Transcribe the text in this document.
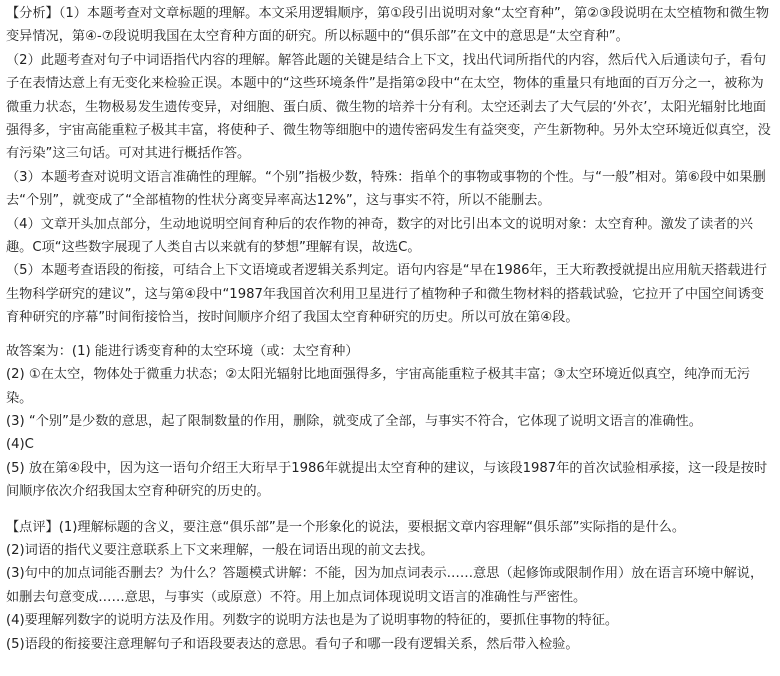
【分析】（1）本题考查对文章标题的理解。本文采用逻辑顺序，第①段引出说明对象“太空育种”，第②③段说明在太空植物和微生物变异情况，第④-⑦段说明我国在太空育种方面的研究。所以标题中的“俱乐部”在文中的意思是“太空育种”。

（2）此题考查对句子中词语指代内容的理解。解答此题的关键是结合上下文，找出代词所指代的内容，然后代入后通读句子，看句子在表情达意上有无变化来检验正误。本题中的“这些环境条件”是指第②段中“在太空，物体的重量只有地面的百万分之一，被称为微重力状态，生物极易发生遗传变异，对细胞、蛋白质、微生物的培养十分有利。太空还剥去了大气层的‘外衣’，太阳光辐射比地面强得多，宇宙高能重粒子极其丰富，将使种子、微生物等细胞中的遗传密码发生有益突变，产生新物种。另外太空环境近似真空，没有污染”这三句话。可对其进行概括作答。

（3）本题考查对说明文语言准确性的理解。“个别”指极少数，特殊：指单个的事物或事物的个性。与“一般”相对。第⑥段中如果删去“个别”，就变成了“全部植物的性状分离变异率高达12%”，这与事实不符，所以不能删去。

（4）文章开头加点部分，生动地说明空间育种后的农作物的神奇，数字的对比引出本文的说明对象：太空育种。激发了读者的兴趣。C项“这些数字展现了人类自古以来就有的梦想”理解有误，故选C。

（5）本题考查语段的衔接，可结合上下文语境或者逻辑关系判定。语句内容是“早在1986年，王大珩教授就提出应用航天搭载进行生物科学研究的建议”，这与第④段中“1987年我国首次利用卫星进行了植物种子和微生物材料的搭载试验，它拉开了中国空间诱变育种研究的序幕”时间衔接恰当，按时间顺序介绍了我国太空育种研究的历史。所以可放在第④段。

故答案为：(1) 能进行诱变育种的太空环境（或：太空育种）

(2) ①在太空，物体处于微重力状态；②太阳光辐射比地面强得多，宇宙高能重粒子极其丰富；③太空环境近似真空，纯净而无污染。

(3) “个别”是少数的意思，起了限制数量的作用，删除，就变成了全部，与事实不符合，它体现了说明文语言的准确性。

(4)C

(5) 放在第④段中，因为这一语句介绍王大珩早于1986年就提出太空育种的建议，与该段1987年的首次试验相承接，这一段是按时间顺序依次介绍我国太空育种研究的历史的。

【点评】(1)理解标题的含义，要注意“俱乐部”是一个形象化的说法，要根据文章内容理解“俱乐部”实际指的是什么。

(2)词语的指代义要注意联系上下文来理解，一般在词语出现的前文去找。

(3)句中的加点词能否删去？为什么？答题模式讲解：不能，因为加点词表示……意思（起修饰或限制作用）放在语言环境中解说，如删去句意变成……意思，与事实（或原意）不符。用上加点词体现说明文语言的准确性与严密性。

(4)要理解列数字的说明方法及作用。列数字的说明方法也是为了说明事物的特征的，要抓住事物的特征。

(5)语段的衔接要注意理解句子和语段要表达的意思。看句子和哪一段有逻辑关系，然后带入检验。
